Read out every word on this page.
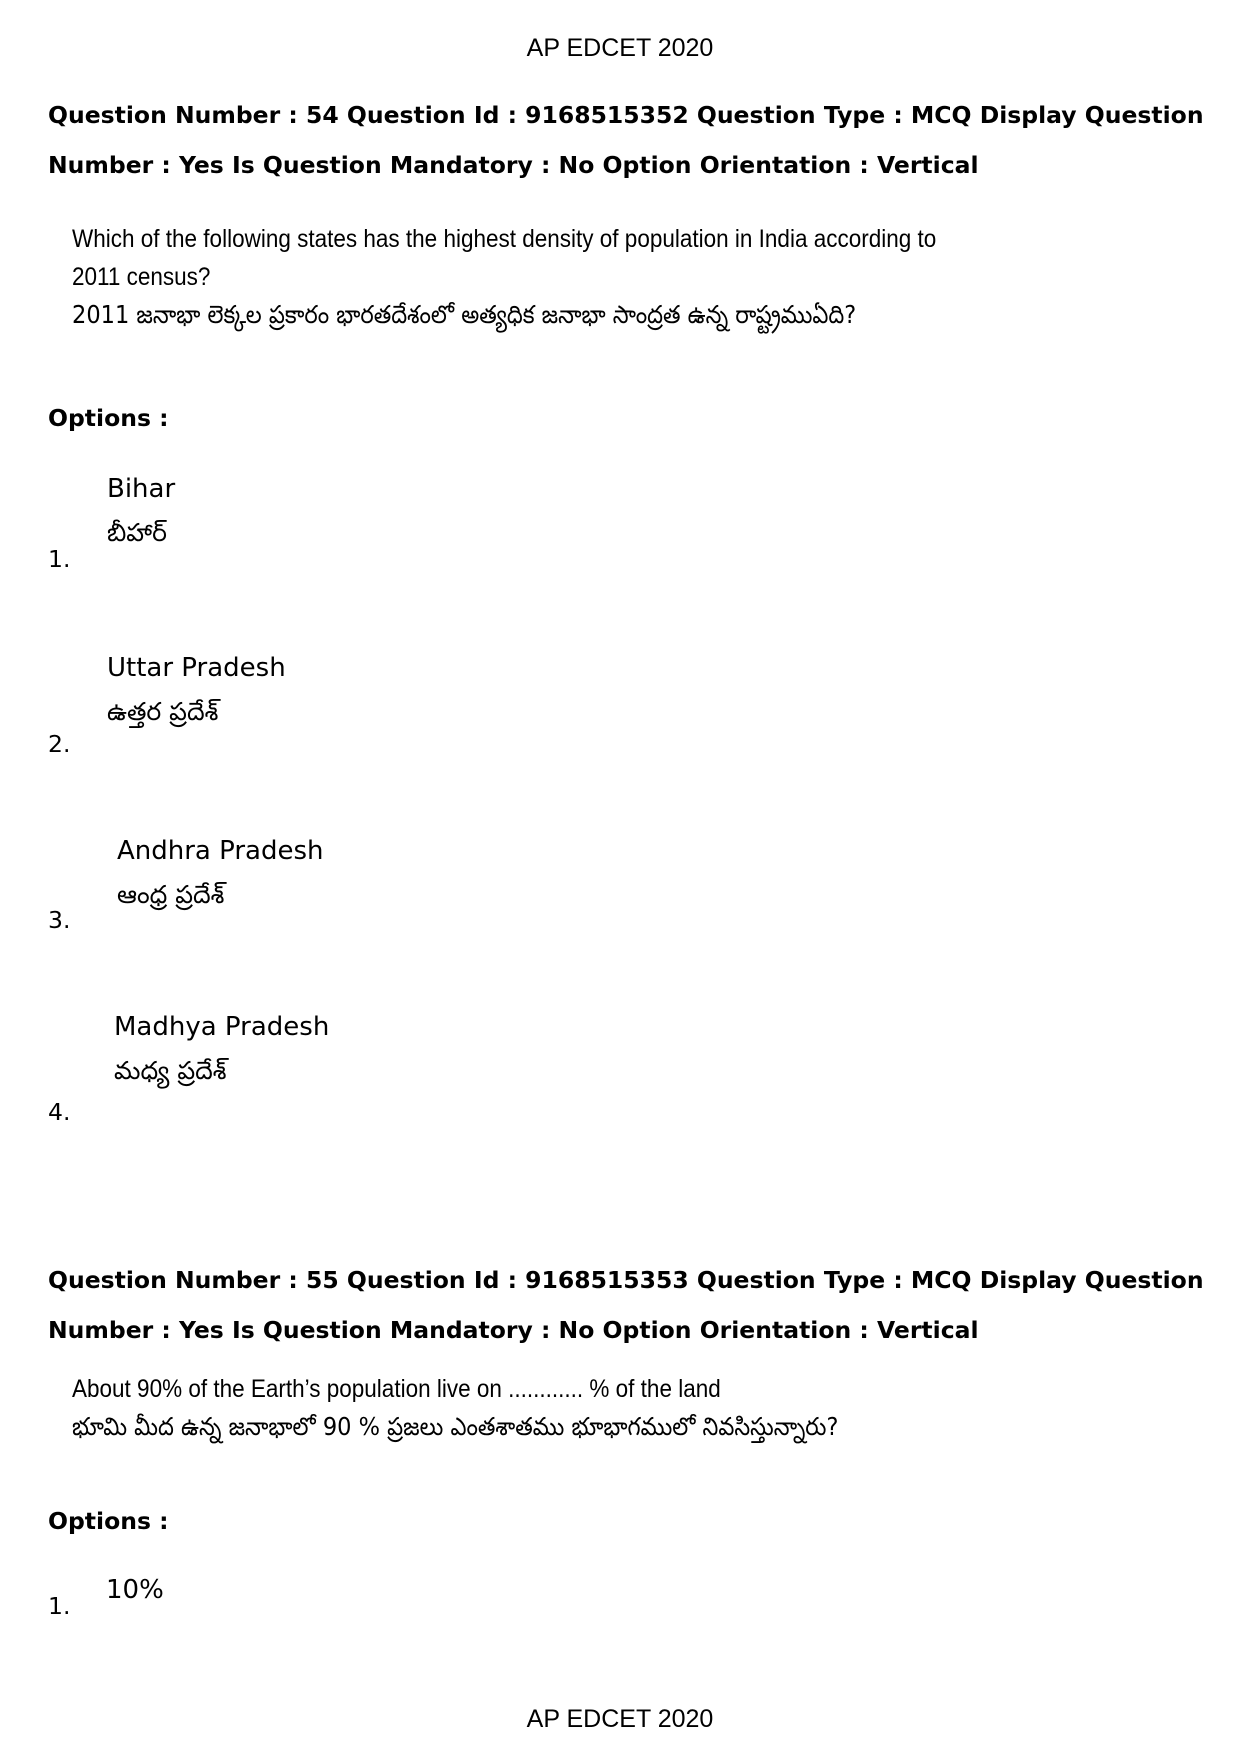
AP EDCET 2020
Question Number : 54 Question Id : 9168515352 Question Type : MCQ Display Question
Number : Yes Is Question Mandatory : No Option Orientation : Vertical
Which of the following states has the highest density of population in India according to
2011 census?
2011 జనాభా లెక్కల ప్రకారం భారతదేశంలో అత్యధిక జనాభా సాంద్రత ఉన్న రాష్ట్రముఏది?
Options :
1.
Bihar
బీహార్
2.
Uttar Pradesh
ఉత్తర ప్రదేశ్
3.
Andhra Pradesh
ఆంధ్ర ప్రదేశ్
4.
Madhya Pradesh
మధ్య ప్రదేశ్
Question Number : 55 Question Id : 9168515353 Question Type : MCQ Display Question
Number : Yes Is Question Mandatory : No Option Orientation : Vertical
About 90% of the Earth’s population live on ............ % of the land
భూమి మీద ఉన్న జనాభాలో 90 % ప్రజలు ఎంతశాతము భూభాగములో నివసిస్తున్నారు?
Options :
1.
10%
AP EDCET 2020
